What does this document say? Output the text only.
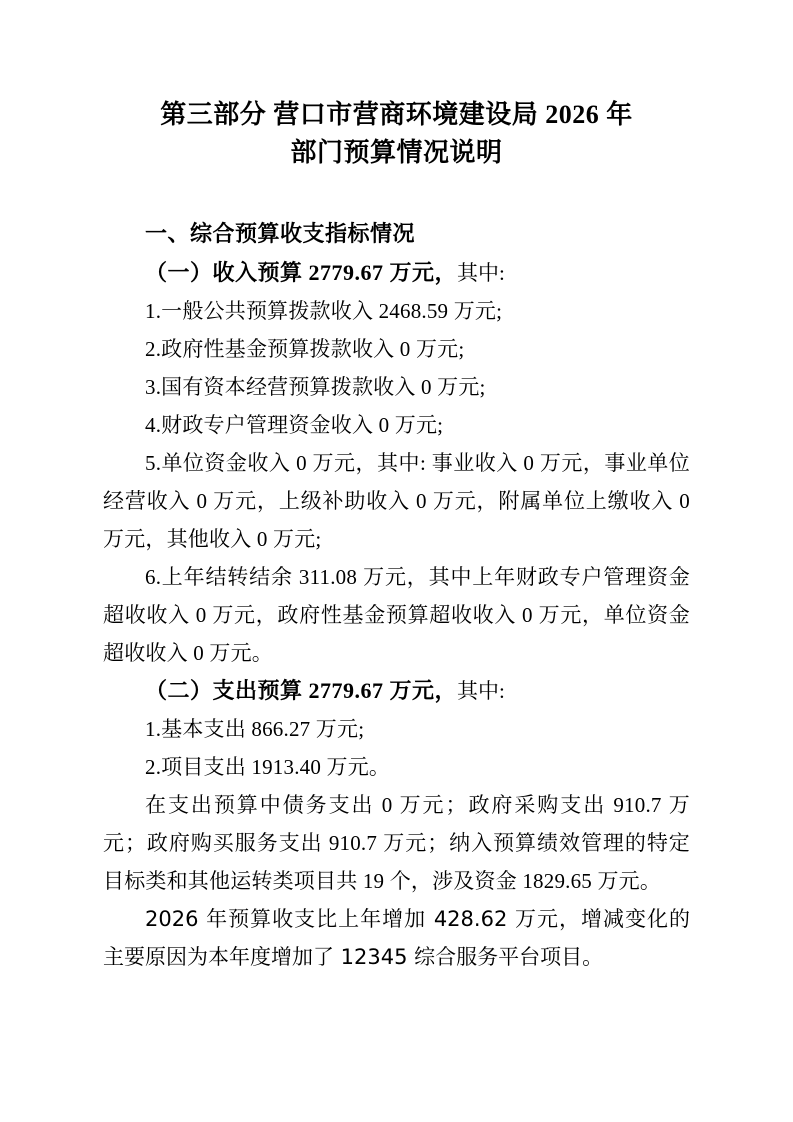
第三部分 营口市营商环境建设局 2026 年
部门预算情况说明
一、综合预算收支指标情况

（一）收入预算 2779.67 万元，其中:

1.一般公共预算拨款收入 2468.59 万元;

2.政府性基金预算拨款收入 0 万元;

3.国有资本经营预算拨款收入 0 万元;

4.财政专户管理资金收入 0 万元;

5.单位资金收入 0 万元，其中: 事业收入 0 万元，事业单位经营收入 0 万元，上级补助收入 0 万元，附属单位上缴收入 0 万元，其他收入 0 万元;

6.上年结转结余 311.08 万元，其中上年财政专户管理资金超收收入 0 万元，政府性基金预算超收收入 0 万元，单位资金超收收入 0 万元。

（二）支出预算 2779.67 万元，其中:

1.基本支出 866.27 万元;

2.项目支出 1913.40 万元。

在支出预算中债务支出 0 万元；政府采购支出 910.7 万元；政府购买服务支出 910.7 万元；纳入预算绩效管理的特定目标类和其他运转类项目共 19 个，涉及资金 1829.65 万元。

2026 年预算收支比上年增加 428.62 万元，增减变化的主要原因为本年度增加了 12345 综合服务平台项目。
